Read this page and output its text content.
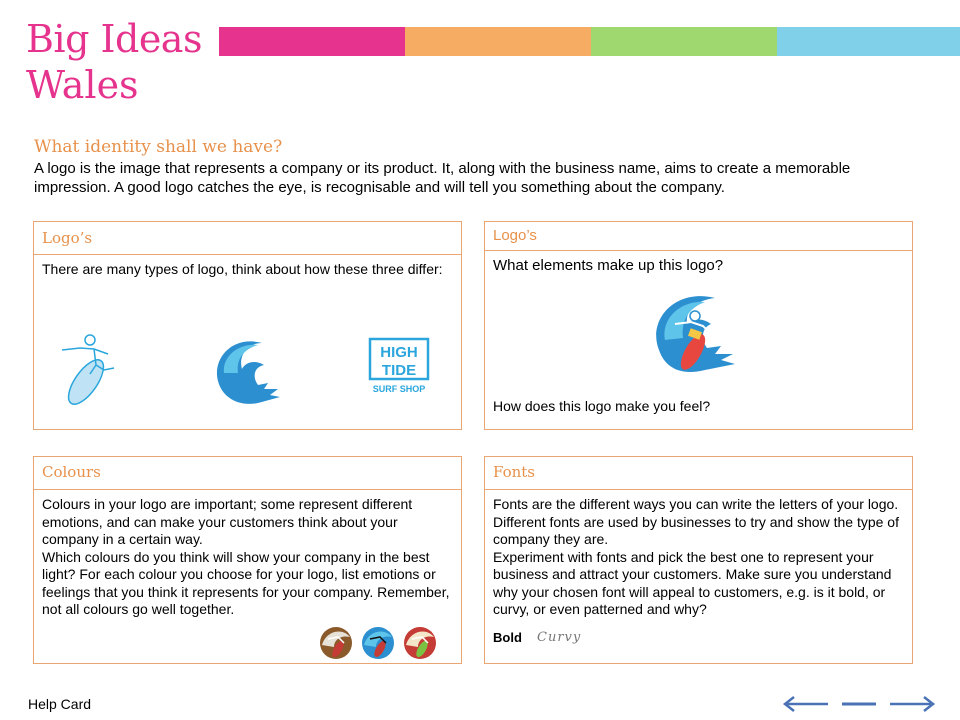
Big Ideas
Wales
What identity shall we have?
A logo is the image that represents a company or its product. It, along with the business name, aims to create a memorable impression. A good logo catches the eye, is recognisable and will tell you something about the company.
Logo’s
There are many types of logo, think about how these three differ:
HIGH
TIDE
SURF SHOP
Logo’s
What elements make up this logo?
How does this logo make you feel?
Colours
Colours in your logo are important; some represent different emotions, and can make your customers think about your company in a certain way.
Which colours do you think will show your company in the best light? For each colour you choose for your logo, list emotions or feelings that you think it represents for your company. Remember, not all colours go well together.
Fonts
Fonts are the different ways you can write the letters of your logo. Different fonts are used by businesses to try and show the type of company they are.
Experiment with fonts and pick the best one to represent your business and attract your customers. Make sure you understand why your chosen font will appeal to customers, e.g. is it bold, or curvy, or even patterned and why?
Bold Curvy
Help Card
